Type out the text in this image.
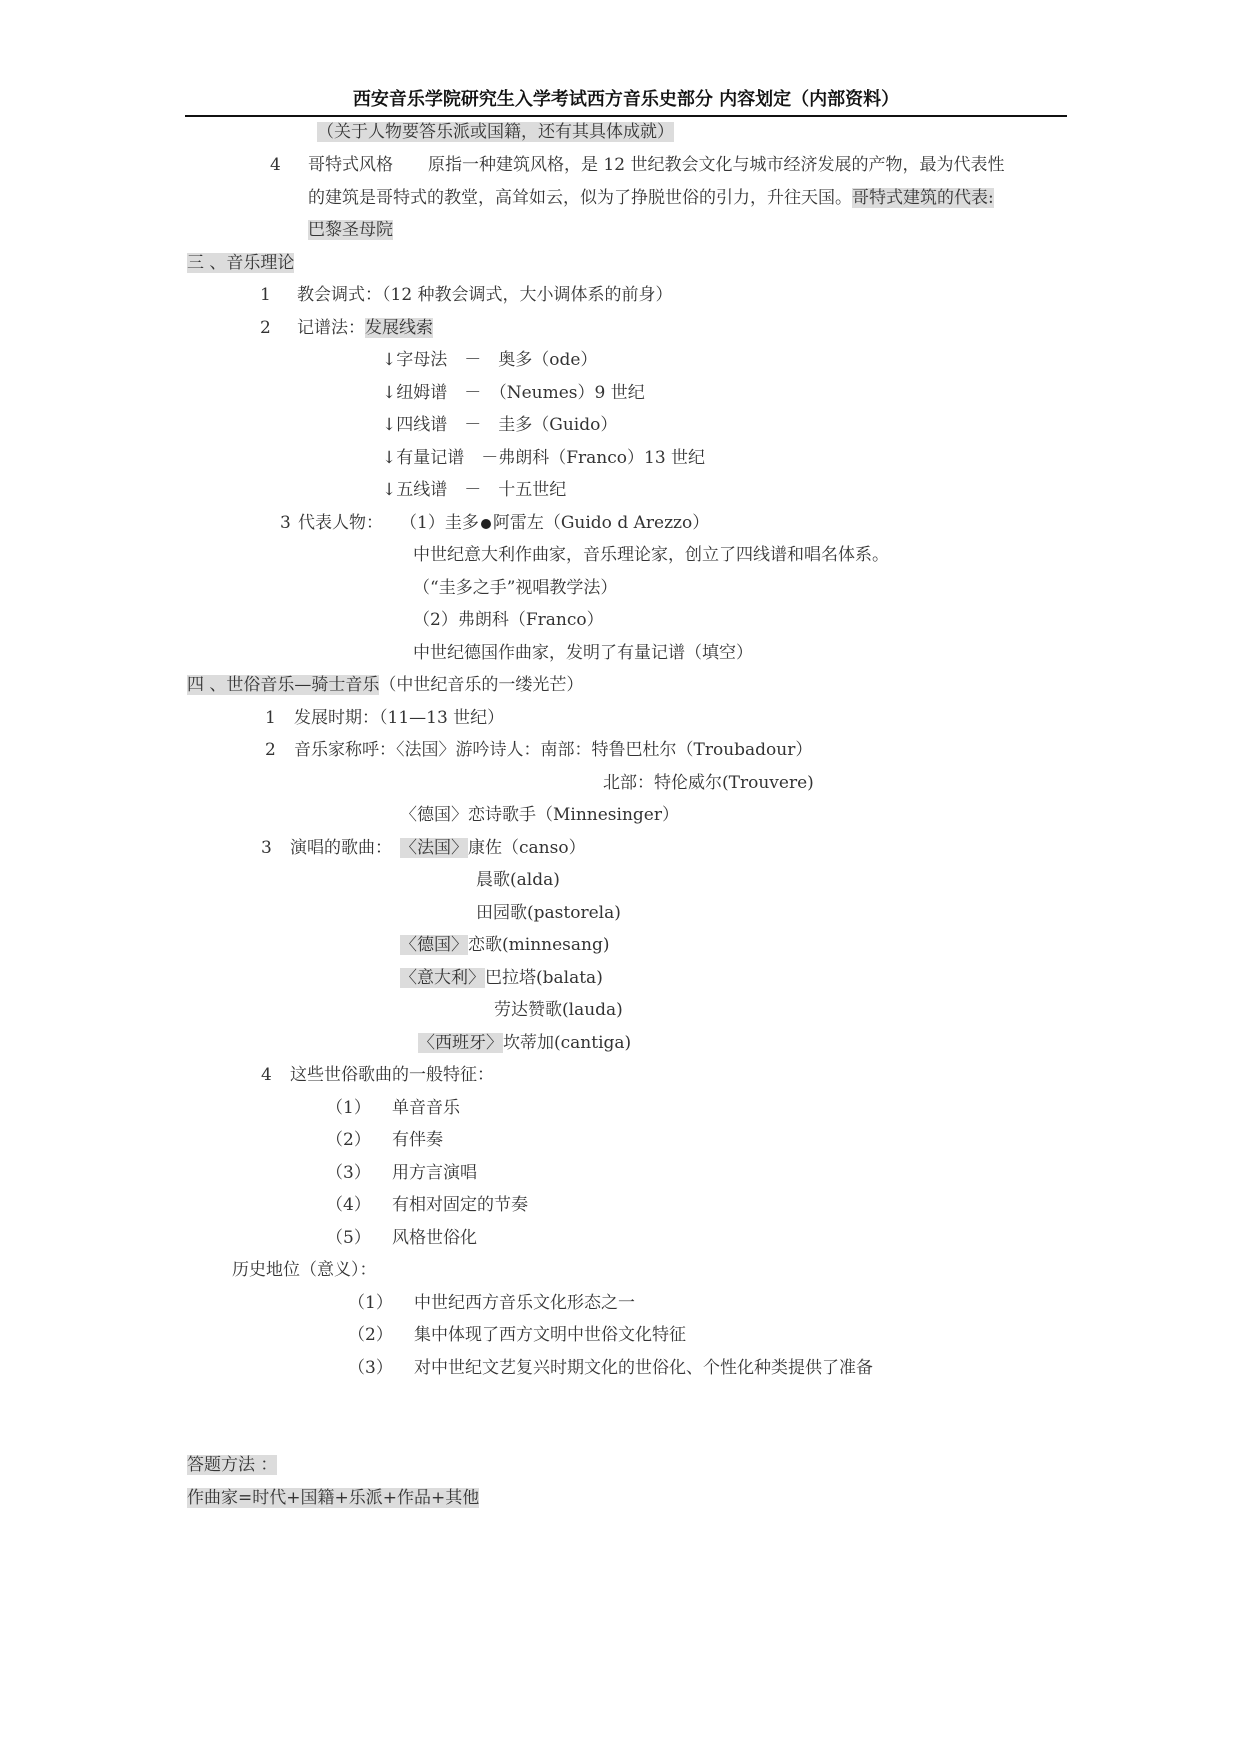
西安音乐学院研究生入学考试西方音乐史部分 内容划定（内部资料）
（关于人物要答乐派或国籍，还有其具体成就）
4 哥特式风格 原指一种建筑风格，是 12 世纪教会文化与城市经济发展的产物，最为代表性
的建筑是哥特式的教堂，高耸如云，似为了挣脱世俗的引力，升往天国。哥特式建筑的代表:
巴黎圣母院
三 、音乐理论
1 教会调式：（12 种教会调式，大小调体系的前身）
2 记谱法：发展线索
↓字母法　－　奥多（ode）
↓纽姆谱　－　（Neumes）9 世纪
↓四线谱　－　圭多（Guido）
↓有量记谱　－弗朗科（Franco）13 世纪
↓五线谱　－　十五世纪
3 代表人物： （1）圭多 阿雷左（Guido d Arezzo）
中世纪意大利作曲家，音乐理论家，创立了四线谱和唱名体系。
（“圭多之手”视唱教学法）
（2）弗朗科（Franco）
中世纪德国作曲家，发明了有量记谱（填空）
四 、世俗音乐—骑士音乐（中世纪音乐的一缕光芒）
1 发展时期：（11—13 世纪）
2 音乐家称呼：〈法国〉游吟诗人：南部：特鲁巴杜尔（Troubadour）
北部：特伦威尔(Trouvere)
〈德国〉恋诗歌手（Minnesinger）
3 演唱的歌曲： 〈法国〉康佐（canso）
晨歌(alda)
田园歌(pastorela)
〈德国〉恋歌(minnesang)
〈意大利〉巴拉塔(balata)
劳达赞歌(lauda)
〈西班牙〉坎蒂加(cantiga)
4 这些世俗歌曲的一般特征：
（1） 单音音乐
（2） 有伴奏
（3） 用方言演唱
（4） 有相对固定的节奏
（5） 风格世俗化
历史地位（意义）：
（1） 中世纪西方音乐文化形态之一
（2） 集中体现了西方文明中世俗文化特征
（3） 对中世纪文艺复兴时期文化的世俗化、个性化种类提供了准备
答题方法 ：
作曲家=时代+国籍+乐派+作品+其他
